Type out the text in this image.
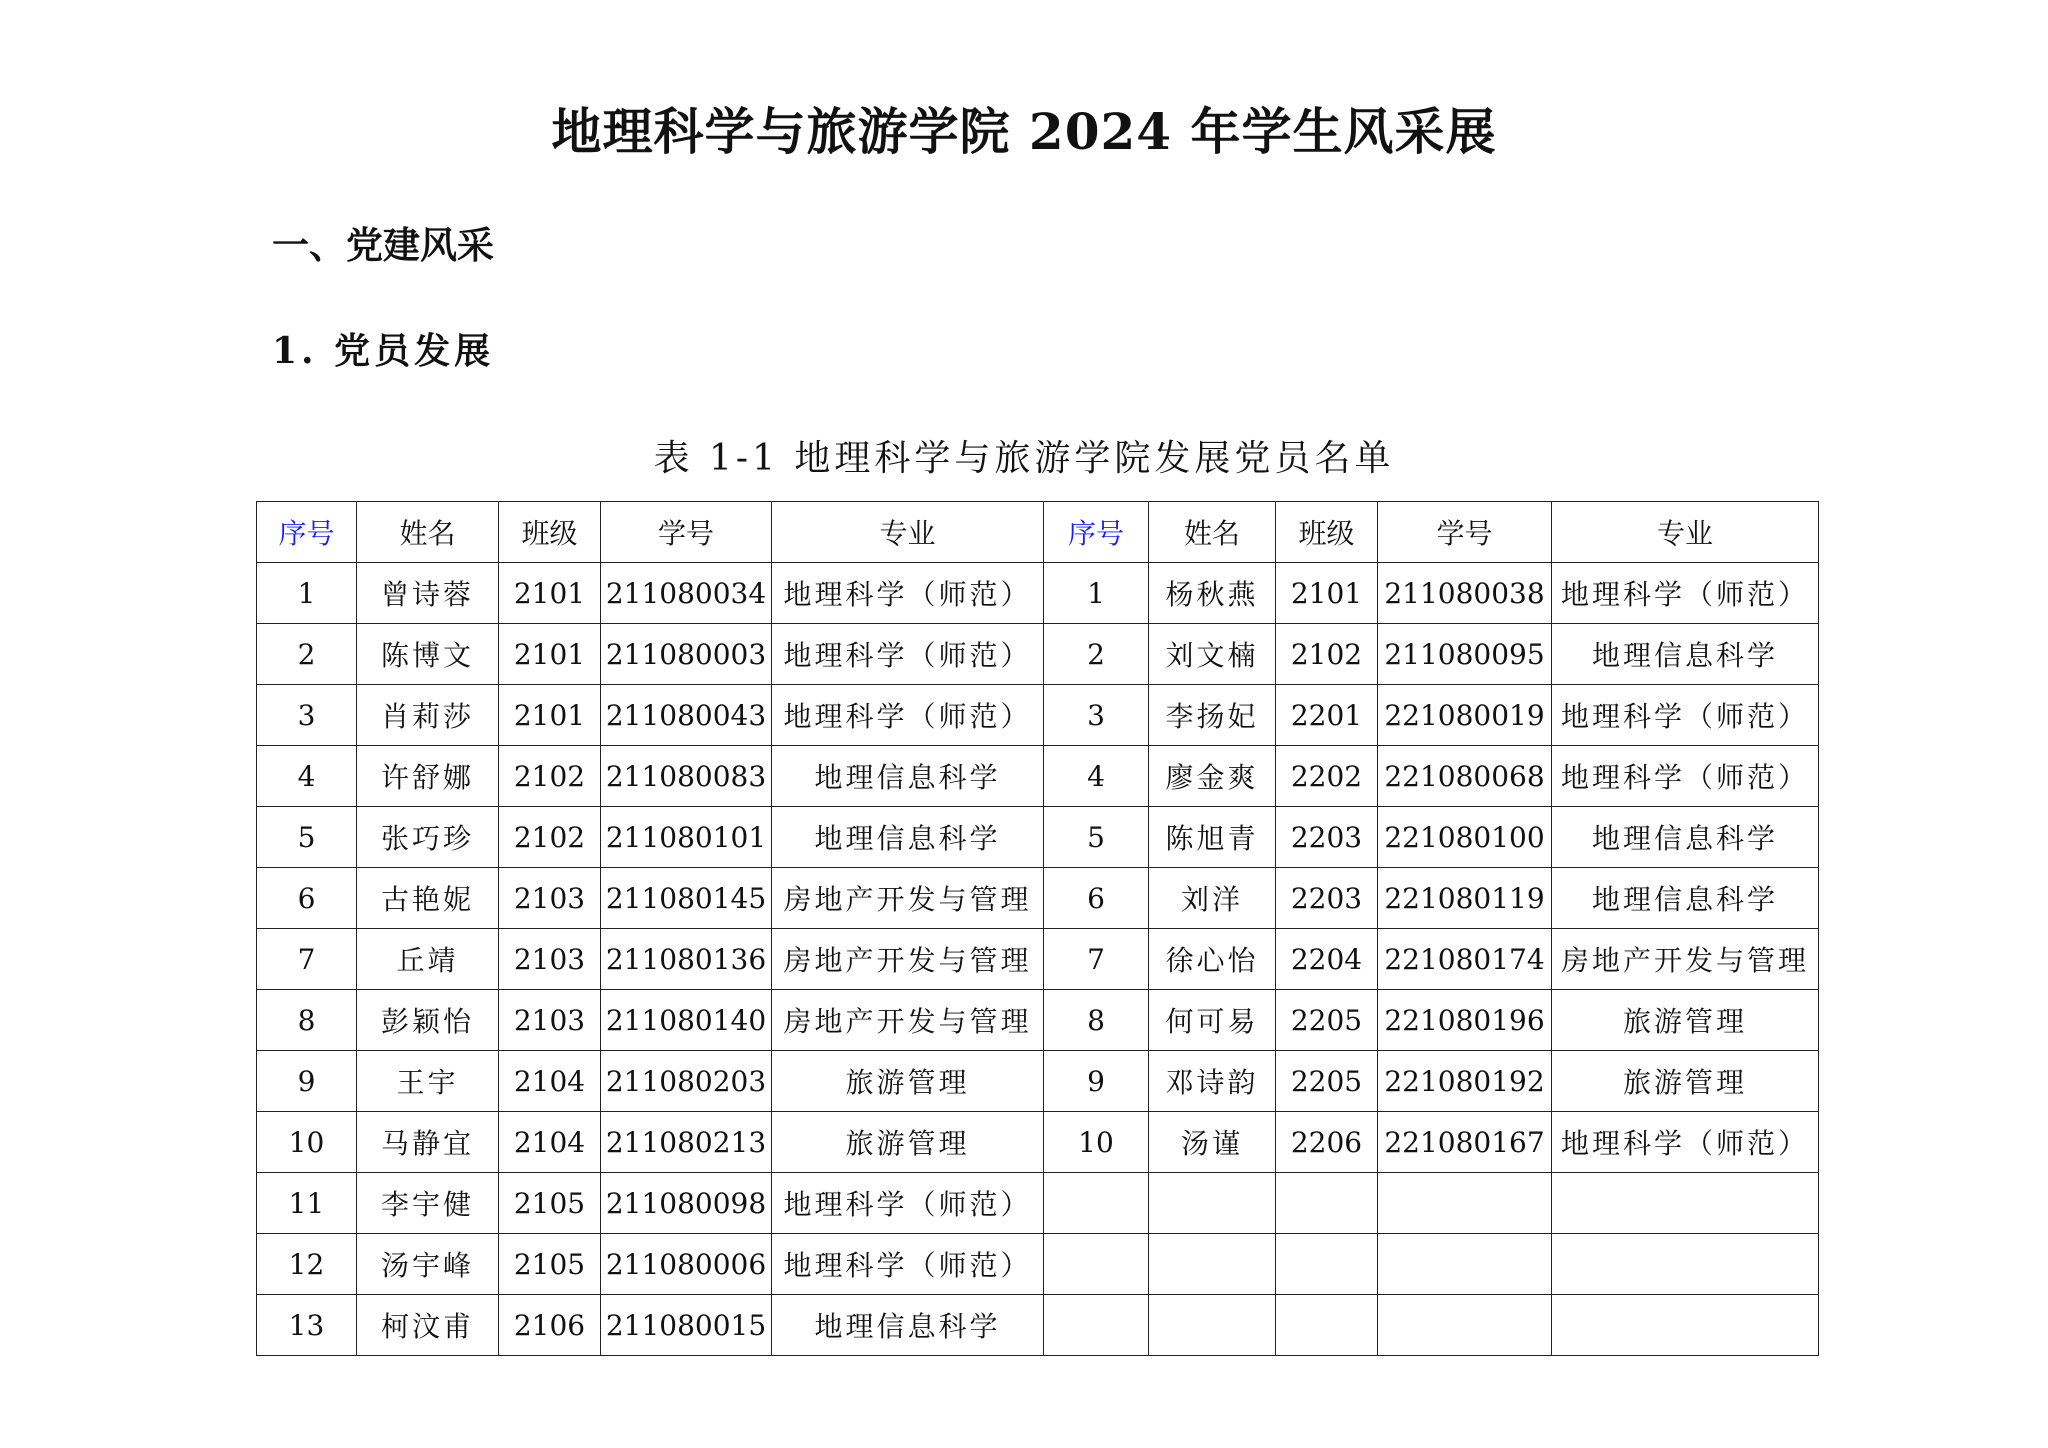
地理科学与旅游学院 2024 年学生风采展
一、党建风采
1. 党员发展
表 1-1 地理科学与旅游学院发展党员名单
序号	姓名	班级	学号	专业	序号	姓名	班级	学号	专业
1	曾诗蓉	2101	211080034	地理科学（师范）	1	杨秋燕	2101	211080038	地理科学（师范）
2	陈博文	2101	211080003	地理科学（师范）	2	刘文楠	2102	211080095	地理信息科学
3	肖莉莎	2101	211080043	地理科学（师范）	3	李扬妃	2201	221080019	地理科学（师范）
4	许舒娜	2102	211080083	地理信息科学	4	廖金爽	2202	221080068	地理科学（师范）
5	张巧珍	2102	211080101	地理信息科学	5	陈旭青	2203	221080100	地理信息科学
6	古艳妮	2103	211080145	房地产开发与管理	6	刘洋	2203	221080119	地理信息科学
7	丘靖	2103	211080136	房地产开发与管理	7	徐心怡	2204	221080174	房地产开发与管理
8	彭颖怡	2103	211080140	房地产开发与管理	8	何可易	2205	221080196	旅游管理
9	王宇	2104	211080203	旅游管理	9	邓诗韵	2205	221080192	旅游管理
10	马静宜	2104	211080213	旅游管理	10	汤谨	2206	221080167	地理科学（师范）
11	李宇健	2105	211080098	地理科学（师范）					
12	汤宇峰	2105	211080006	地理科学（师范）					
13	柯汶甫	2106	211080015	地理信息科学					
